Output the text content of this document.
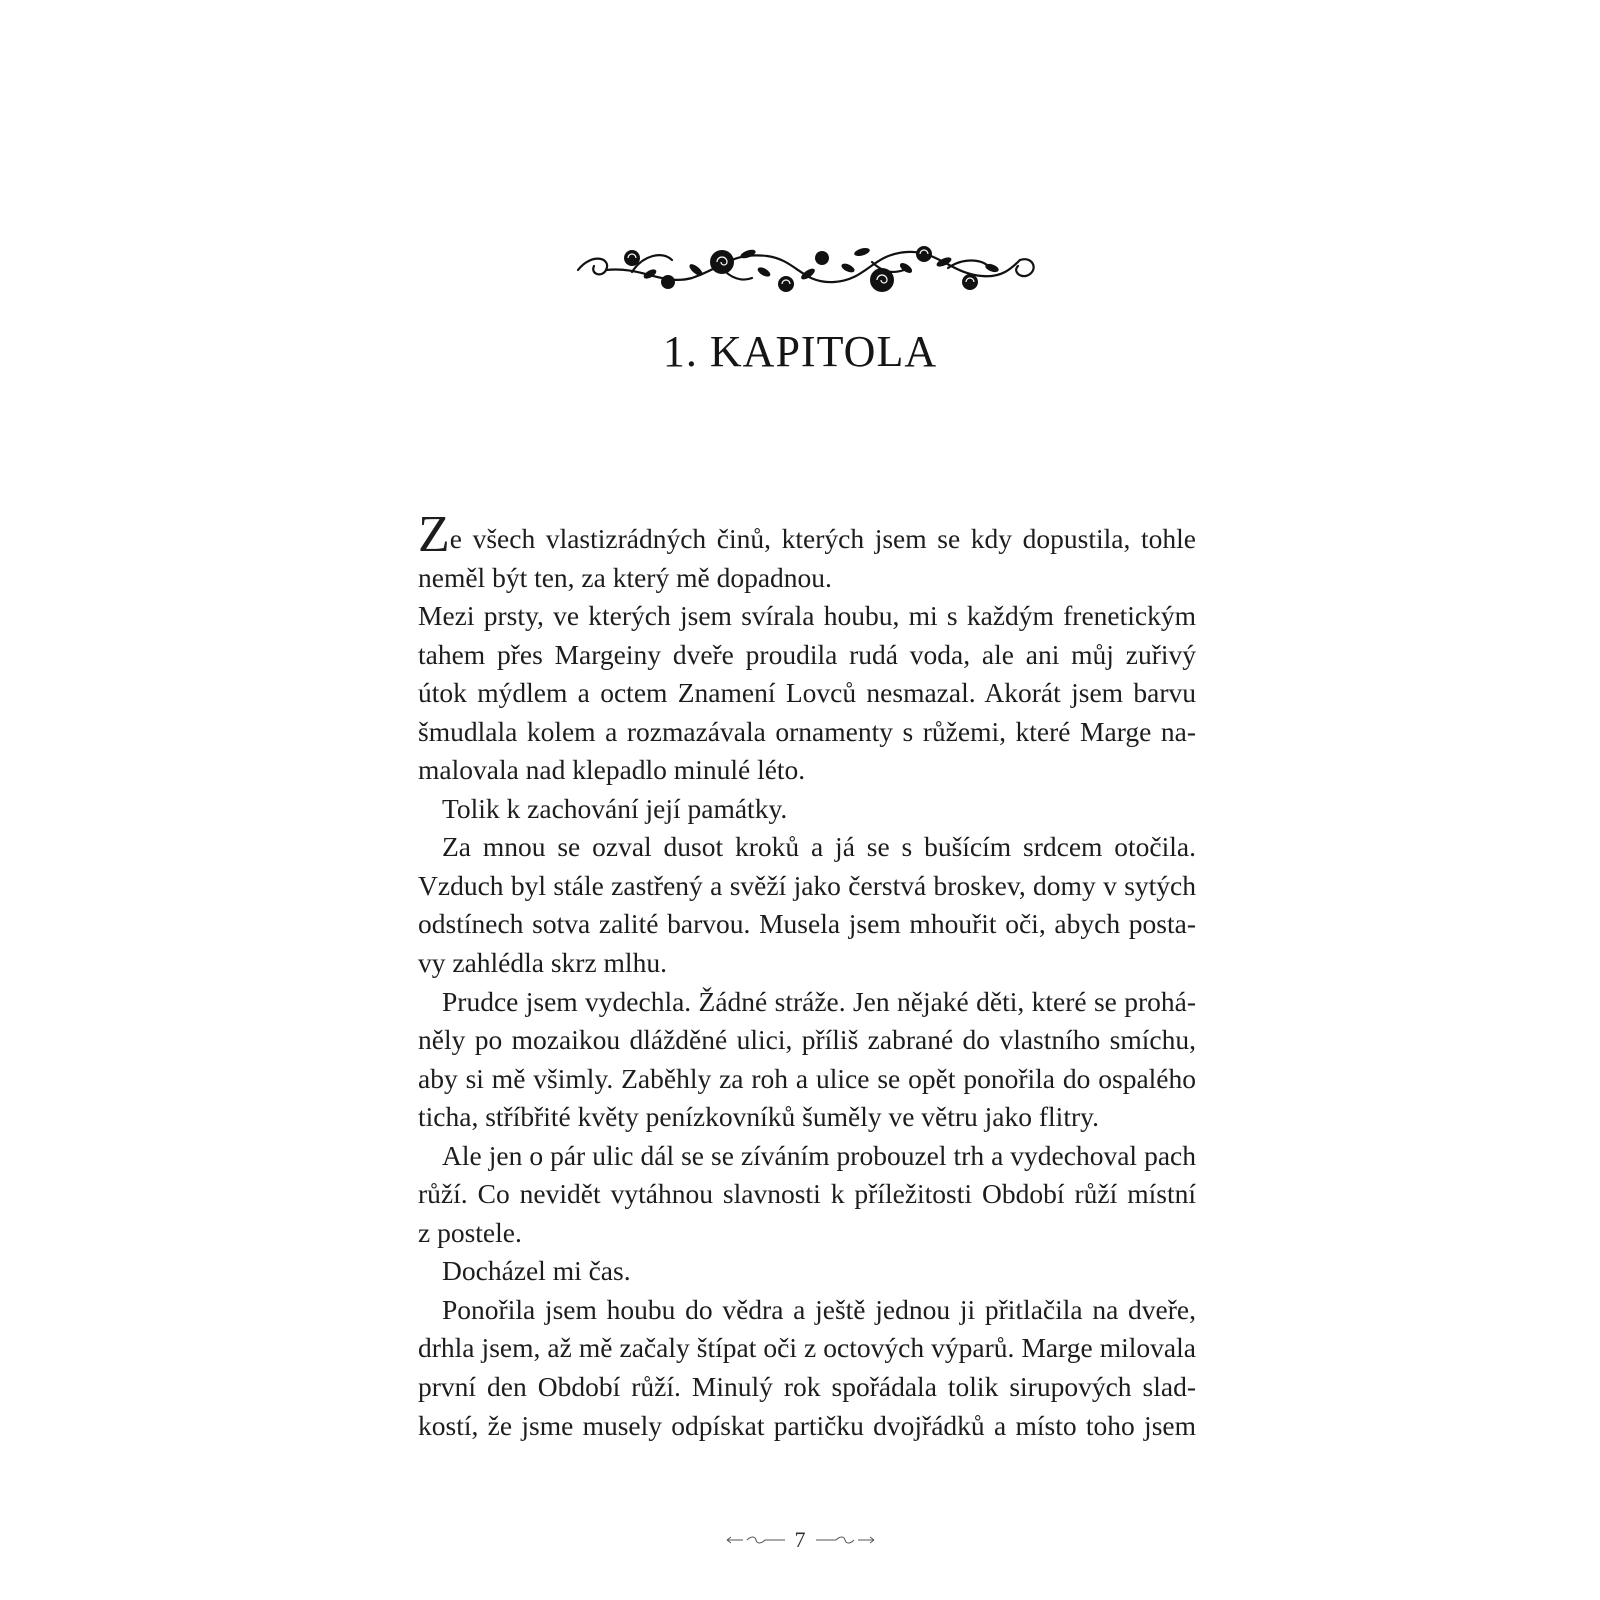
1. KAPITOLA
Ze všech vlastizrádných činů, kterých jsem se kdy dopustila, tohle
neměl být ten, za který mě dopadnou.
Mezi prsty, ve kterých jsem svírala houbu, mi s každým frenetickým
tahem přes Margeiny dveře proudila rudá voda, ale ani můj zuřivý
útok mýdlem a octem Znamení Lovců nesmazal. Akorát jsem barvu
šmudlala kolem a rozmazávala ornamenty s růžemi, které Marge na-
malovala nad klepadlo minulé léto.
Tolik k zachování její památky.
Za mnou se ozval dusot kroků a já se s bušícím srdcem otočila.
Vzduch byl stále zastřený a svěží jako čerstvá broskev, domy v sytých
odstínech sotva zalité barvou. Musela jsem mhouřit oči, abych posta-
vy zahlédla skrz mlhu.
Prudce jsem vydechla. Žádné stráže. Jen nějaké děti, které se prohá-
něly po mozaikou dlážděné ulici, příliš zabrané do vlastního smíchu,
aby si mě všimly. Zaběhly za roh a ulice se opět ponořila do ospalého
ticha, stříbřité květy penízkovníků šuměly ve větru jako flitry.
Ale jen o pár ulic dál se se zíváním probouzel trh a vydechoval pach
růží. Co nevidět vytáhnou slavnosti k příležitosti Období růží místní
z postele.
Docházel mi čas.
Ponořila jsem houbu do vědra a ještě jednou ji přitlačila na dveře,
drhla jsem, až mě začaly štípat oči z octových výparů. Marge milovala
první den Období růží. Minulý rok spořádala tolik sirupových slad-
kostí, že jsme musely odpískat partičku dvojřádků a místo toho jsem
7
